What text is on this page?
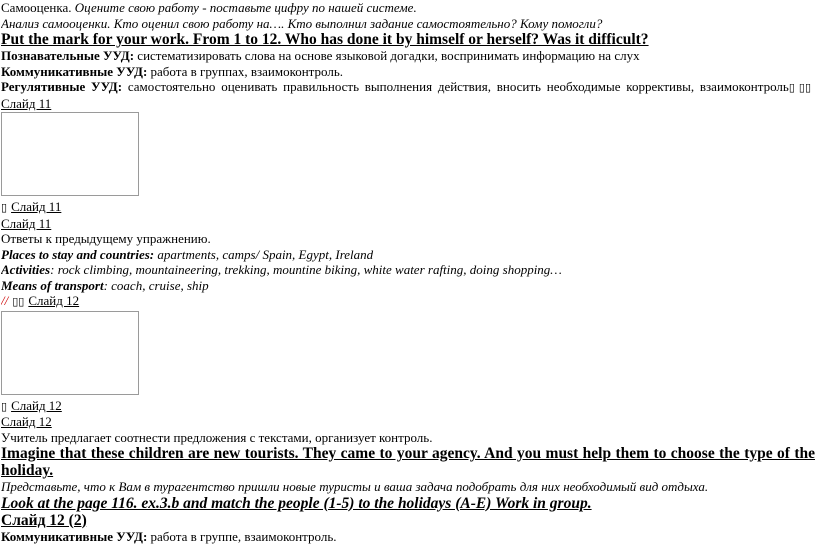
Самооценка. Оцените свою работу - поставьте цифру по нашей системе.

Анализ самооценки. Кто оценил свою работу на…. Кто выполнил задание самостоятельно? Кому помогли?

Put the mark for your work. From 1 to 12. Who has done it by himself or herself? Was it difficult?

Познавательные УУД: систематизировать слова на основе языковой догадки, воспринимать информацию на слух

Коммуникативные УУД: работа в группах, взаимоконтроль.

Регулятивные УУД: самостоятельно оценивать правильность выполнения действия, вносить необходимые коррективы, взаимоконтроль▯ ▯▯Слайд 11

▯ Слайд 11

Слайд 11

Ответы к предыдущему упражнению.

Places to stay and countries: apartments, camps/ Spain, Egypt, Ireland

Activities: rock climbing, mountaineering, trekking, mountine biking, white water rafting, doing shopping…

Means of transport: coach, cruise, ship

// ▯▯ Слайд 12

▯ Слайд 12

Слайд 12

Учитель предлагает соотнести предложения с текстами, организует контроль.

Imagine that these children are new tourists. They came to your agency. And you must help them to choose the type of the holiday.

Представьте, что к Вам в турагентство пришли новые туристы и ваша задача подобрать для них необходимый вид отдыха.

Look at the page 116. ex.3.b and match the people (1-5) to the holidays (A-E) Work in group.

Слайд 12 (2)

Коммуникативные УУД: работа в группе, взаимоконтроль.
